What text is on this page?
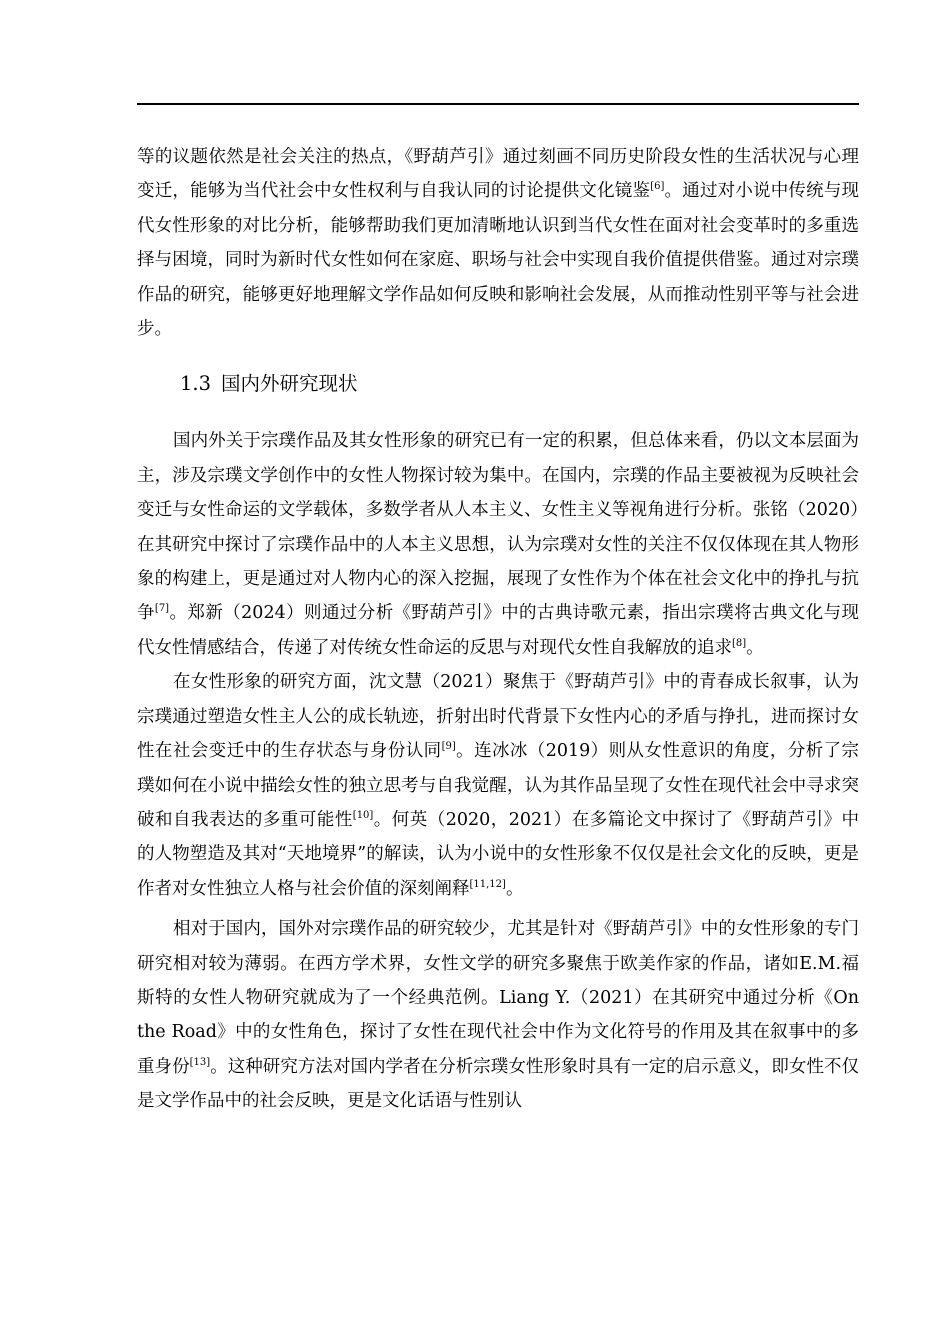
等的议题依然是社会关注的热点，《野葫芦引》通过刻画不同历史阶段女性的生活状况与心理变迁，能够为当代社会中女性权利与自我认同的讨论提供文化镜鉴[6]。通过对小说中传统与现代女性形象的对比分析，能够帮助我们更加清晰地认识到当代女性在面对社会变革时的多重选择与困境，同时为新时代女性如何在家庭、职场与社会中实现自我价值提供借鉴。通过对宗璞作品的研究，能够更好地理解文学作品如何反映和影响社会发展，从而推动性别平等与社会进步。

1.3 国内外研究现状

国内外关于宗璞作品及其女性形象的研究已有一定的积累，但总体来看，仍以文本层面为主，涉及宗璞文学创作中的女性人物探讨较为集中。在国内，宗璞的作品主要被视为反映社会变迁与女性命运的文学载体，多数学者从人本主义、女性主义等视角进行分析。张铭（2020）在其研究中探讨了宗璞作品中的人本主义思想，认为宗璞对女性的关注不仅仅体现在其人物形象的构建上，更是通过对人物内心的深入挖掘，展现了女性作为个体在社会文化中的挣扎与抗争[7]。郑新（2024）则通过分析《野葫芦引》中的古典诗歌元素，指出宗璞将古典文化与现代女性情感结合，传递了对传统女性命运的反思与对现代女性自我解放的追求[8]。

在女性形象的研究方面，沈文慧（2021）聚焦于《野葫芦引》中的青春成长叙事，认为宗璞通过塑造女性主人公的成长轨迹，折射出时代背景下女性内心的矛盾与挣扎，进而探讨女性在社会变迁中的生存状态与身份认同[9]。连冰冰（2019）则从女性意识的角度，分析了宗璞如何在小说中描绘女性的独立思考与自我觉醒，认为其作品呈现了女性在现代社会中寻求突破和自我表达的多重可能性[10]。何英（2020，2021）在多篇论文中探讨了《野葫芦引》中的人物塑造及其对“天地境界”的解读，认为小说中的女性形象不仅仅是社会文化的反映，更是作者对女性独立人格与社会价值的深刻阐释[11,12]。

相对于国内，国外对宗璞作品的研究较少，尤其是针对《野葫芦引》中的女性形象的专门研究相对较为薄弱。在西方学术界，女性文学的研究多聚焦于欧美作家的作品，诸如E.M.福斯特的女性人物研究就成为了一个经典范例。Liang Y.（2021）在其研究中通过分析《On the Road》中的女性角色，探讨了女性在现代社会中作为文化符号的作用及其在叙事中的多重身份[13]。这种研究方法对国内学者在分析宗璞女性形象时具有一定的启示意义，即女性不仅是文学作品中的社会反映，更是文化话语与性别认
